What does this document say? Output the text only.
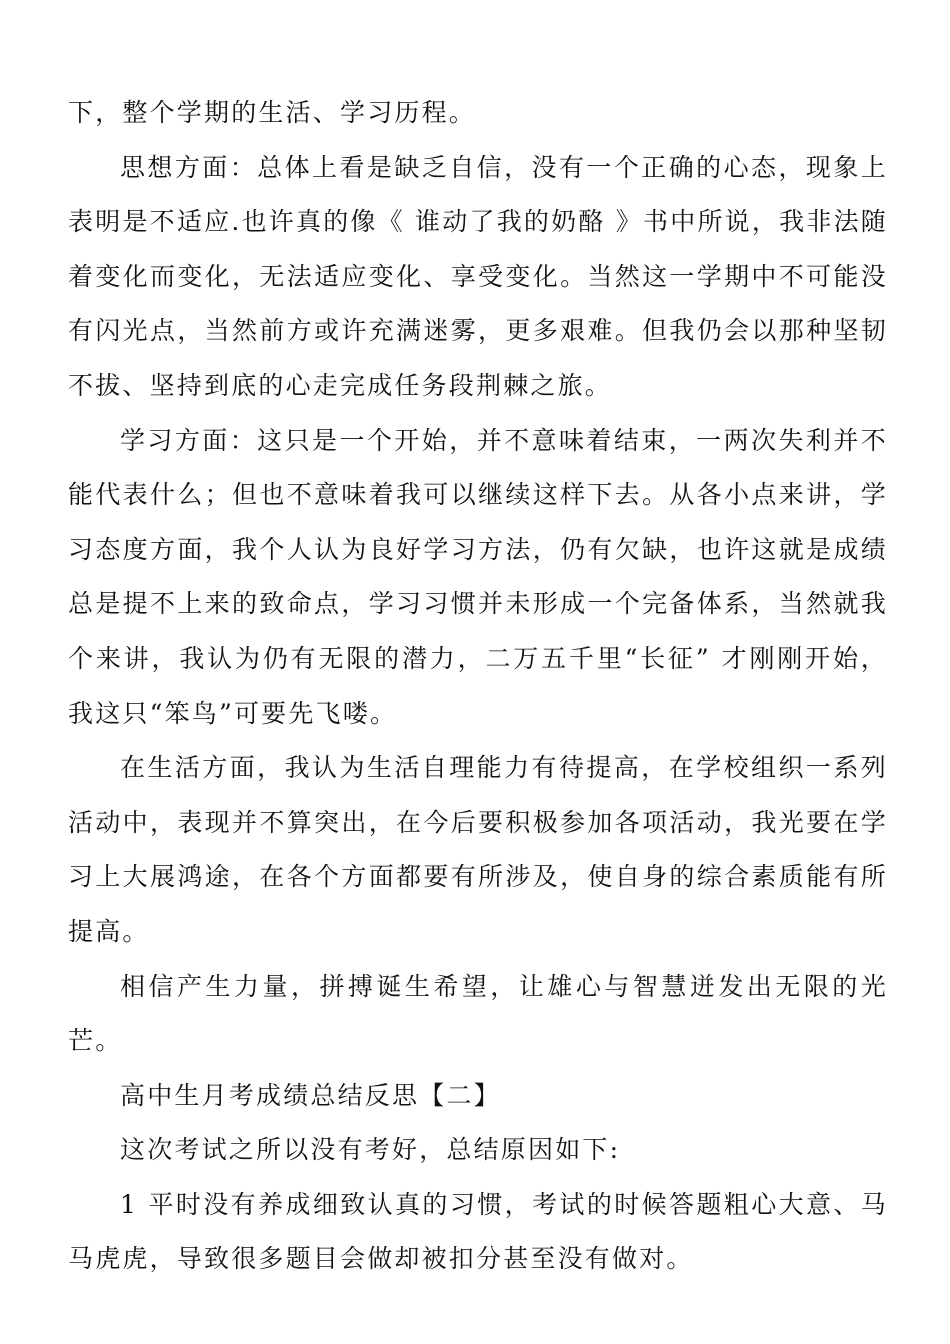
下，整个学期的生活、学习历程。

思想方面：总体上看是缺乏自信，没有一个正确的心态，现象上表明是不适应.也许真的像《 谁动了我的奶酪 》书中所说，我非法随着变化而变化，无法适应变化、享受变化。当然这一学期中不可能没有闪光点，当然前方或许充满迷雾，更多艰难。但我仍会以那种坚韧不拔、坚持到底的心走完成任务段荆棘之旅。

学习方面：这只是一个开始，并不意味着结束，一两次失利并不能代表什么；但也不意味着我可以继续这样下去。从各小点来讲，学习态度方面，我个人认为良好学习方法，仍有欠缺，也许这就是成绩总是提不上来的致命点，学习习惯并未形成一个完备体系，当然就我个来讲，我认为仍有无限的潜力，二万五千里“长征” 才刚刚开始，我这只“笨鸟”可要先飞喽。

在生活方面，我认为生活自理能力有待提高，在学校组织一系列活动中，表现并不算突出，在今后要积极参加各项活动，我光要在学习上大展鸿途，在各个方面都要有所涉及，使自身的综合素质能有所提高。

相信产生力量，拼搏诞生希望，让雄心与智慧迸发出无限的光芒。

高中生月考成绩总结反思【二】

这次考试之所以没有考好，总结原因如下:

1 平时没有养成细致认真的习惯，考试的时候答题粗心大意、马马虎虎，导致很多题目会做却被扣分甚至没有做对。
